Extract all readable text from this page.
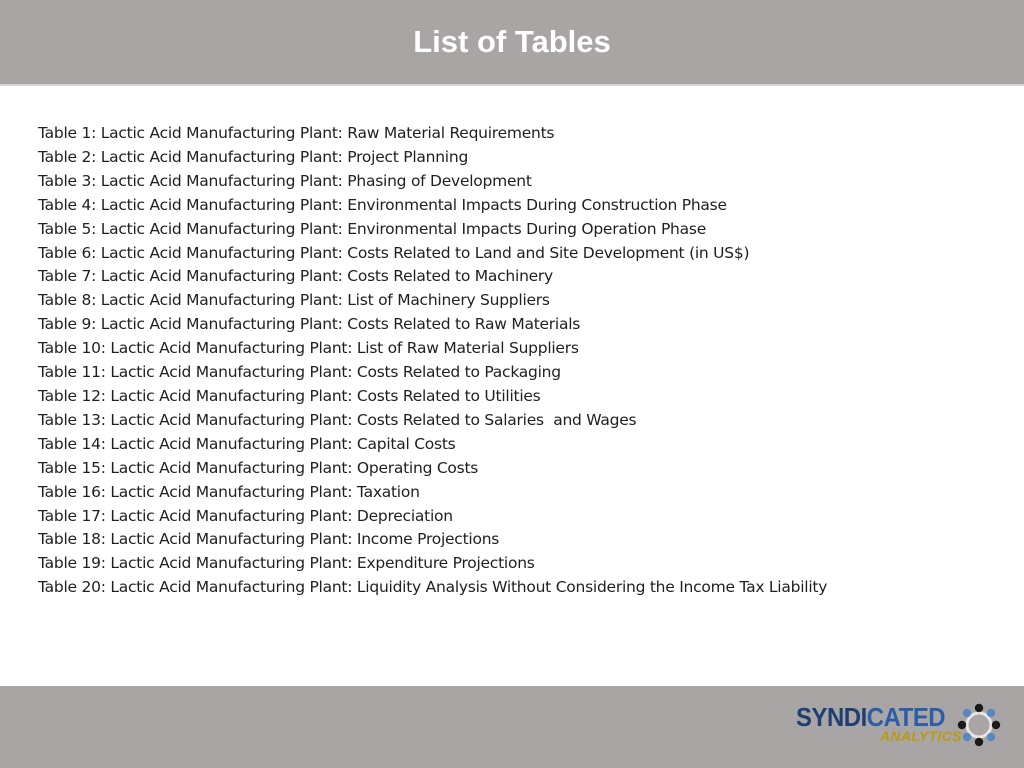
List of Tables
Table 1: Lactic Acid Manufacturing Plant: Raw Material Requirements
Table 2: Lactic Acid Manufacturing Plant: Project Planning
Table 3: Lactic Acid Manufacturing Plant: Phasing of Development
Table 4: Lactic Acid Manufacturing Plant: Environmental Impacts During Construction Phase
Table 5: Lactic Acid Manufacturing Plant: Environmental Impacts During Operation Phase
Table 6: Lactic Acid Manufacturing Plant: Costs Related to Land and Site Development (in US$)
Table 7: Lactic Acid Manufacturing Plant: Costs Related to Machinery
Table 8: Lactic Acid Manufacturing Plant: List of Machinery Suppliers
Table 9: Lactic Acid Manufacturing Plant: Costs Related to Raw Materials
Table 10: Lactic Acid Manufacturing Plant: List of Raw Material Suppliers
Table 11: Lactic Acid Manufacturing Plant: Costs Related to Packaging
Table 12: Lactic Acid Manufacturing Plant: Costs Related to Utilities
Table 13: Lactic Acid Manufacturing Plant: Costs Related to Salaries  and Wages
Table 14: Lactic Acid Manufacturing Plant: Capital Costs
Table 15: Lactic Acid Manufacturing Plant: Operating Costs
Table 16: Lactic Acid Manufacturing Plant: Taxation
Table 17: Lactic Acid Manufacturing Plant: Depreciation
Table 18: Lactic Acid Manufacturing Plant: Income Projections
Table 19: Lactic Acid Manufacturing Plant: Expenditure Projections
Table 20: Lactic Acid Manufacturing Plant: Liquidity Analysis Without Considering the Income Tax Liability
SYNDICATED
ANALYTICS
